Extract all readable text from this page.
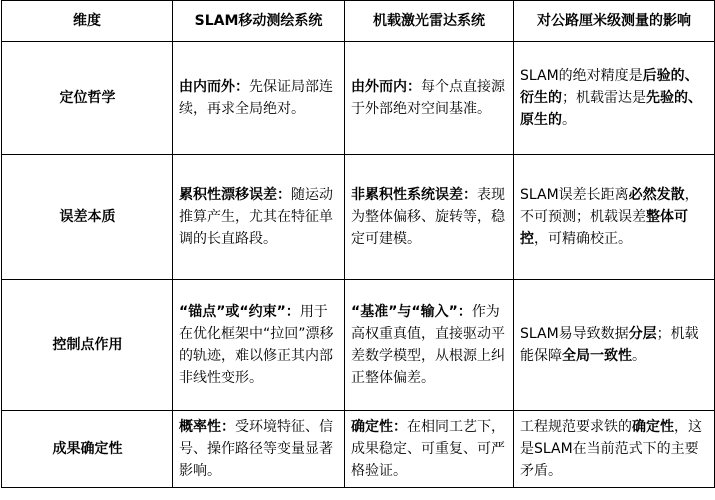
维度	SLAM移动测绘系统	机载激光雷达系统	对公路厘米级测量的影响
定位哲学	由内而外：先保证局部连续，再求全局绝对。	由外而内：每个点直接源于外部绝对空间基准。	SLAM的绝对精度是后验的、衍生的；机载雷达是先验的、原生的。
误差本质	累积性漂移误差：随运动推算产生，尤其在特征单调的长直路段。	非累积性系统误差：表现为整体偏移、旋转等，稳定可建模。	SLAM误差长距离必然发散，不可预测；机载误差整体可控，可精确校正。
控制点作用	“锚点”或“约束”：用于在优化框架中“拉回”漂移的轨迹，难以修正其内部非线性变形。	“基准”与“输入”：作为高权重真值，直接驱动平差数学模型，从根源上纠正整体偏差。	SLAM易导致数据分层；机载能保障全局一致性。
成果确定性	概率性：受环境特征、信号、操作路径等变量显著影响。	确定性：在相同工艺下，成果稳定、可重复、可严格验证。	工程规范要求铁的确定性，这是SLAM在当前范式下的主要矛盾。
